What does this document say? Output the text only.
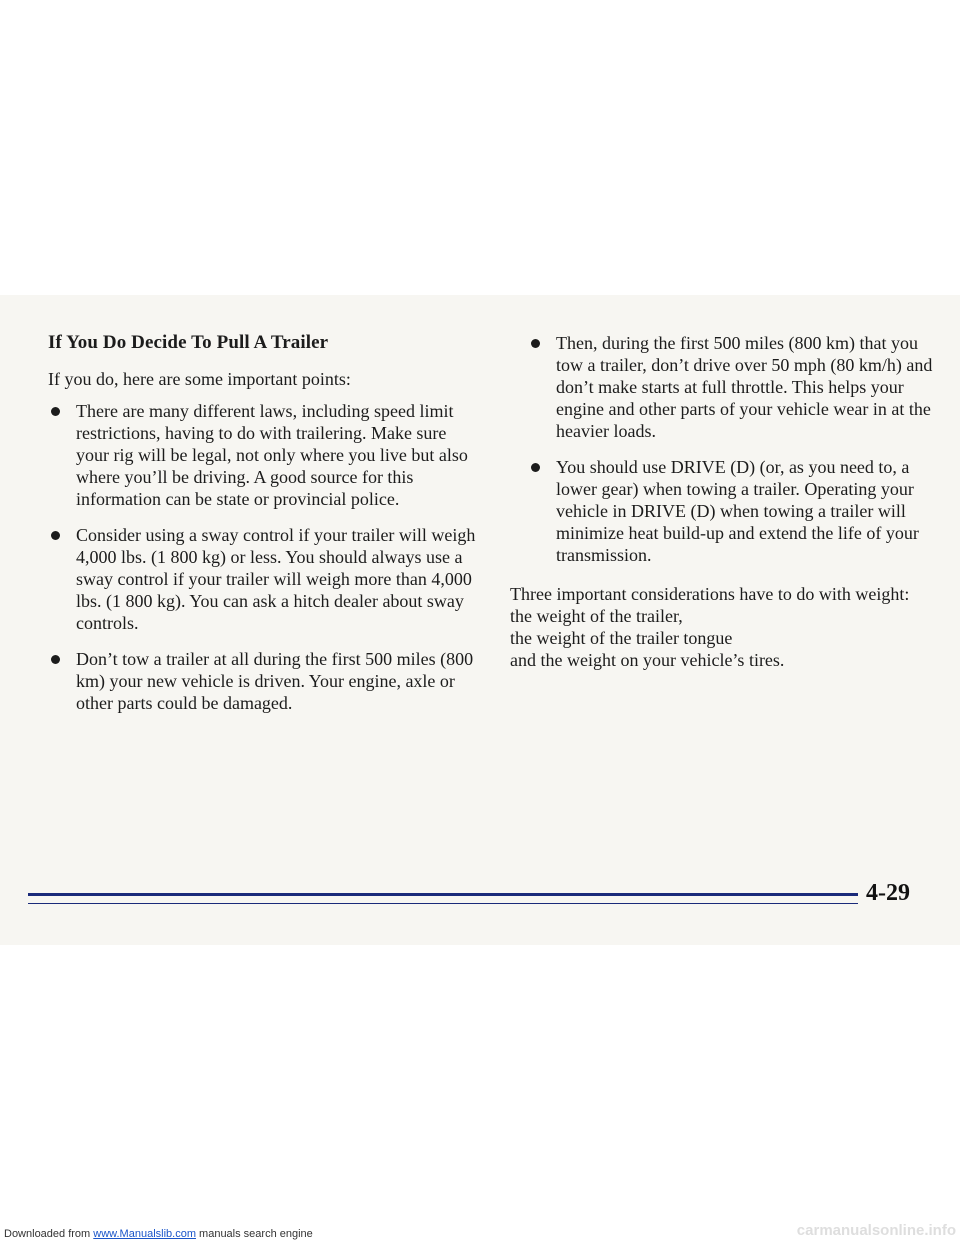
If You Do Decide To Pull A Trailer

If you do, here are some important points:

There are many different laws, including speed limit restrictions, having to do with trailering. Make sure your rig will be legal, not only where you live but also where you’ll be driving. A good source for this information can be state or provincial police.
Consider using a sway control if your trailer will weigh 4,000 lbs. (1 800 kg) or less. You should always use a sway control if your trailer will weigh more than 4,000 lbs. (1 800 kg). You can ask a hitch dealer about sway controls.
Don’t tow a trailer at all during the first 500 miles (800 km) your new vehicle is driven. Your engine, axle or other parts could be damaged.
Then, during the first 500 miles (800 km) that you tow a trailer, don’t drive over 50 mph (80 km/h) and don’t make starts at full throttle. This helps your engine and other parts of your vehicle wear in at the heavier loads.
You should use DRIVE (D) (or, as you need to, a lower gear) when towing a trailer. Operating your vehicle in DRIVE (D) when towing a trailer will minimize heat build-up and extend the life of your transmission.
Three important considerations have to do with weight:
the weight of the trailer,
the weight of the trailer tongue
and the weight on your vehicle’s tires.
4-29
Downloaded from www.Manualslib.com manuals search engine	carmanualsonline.info
